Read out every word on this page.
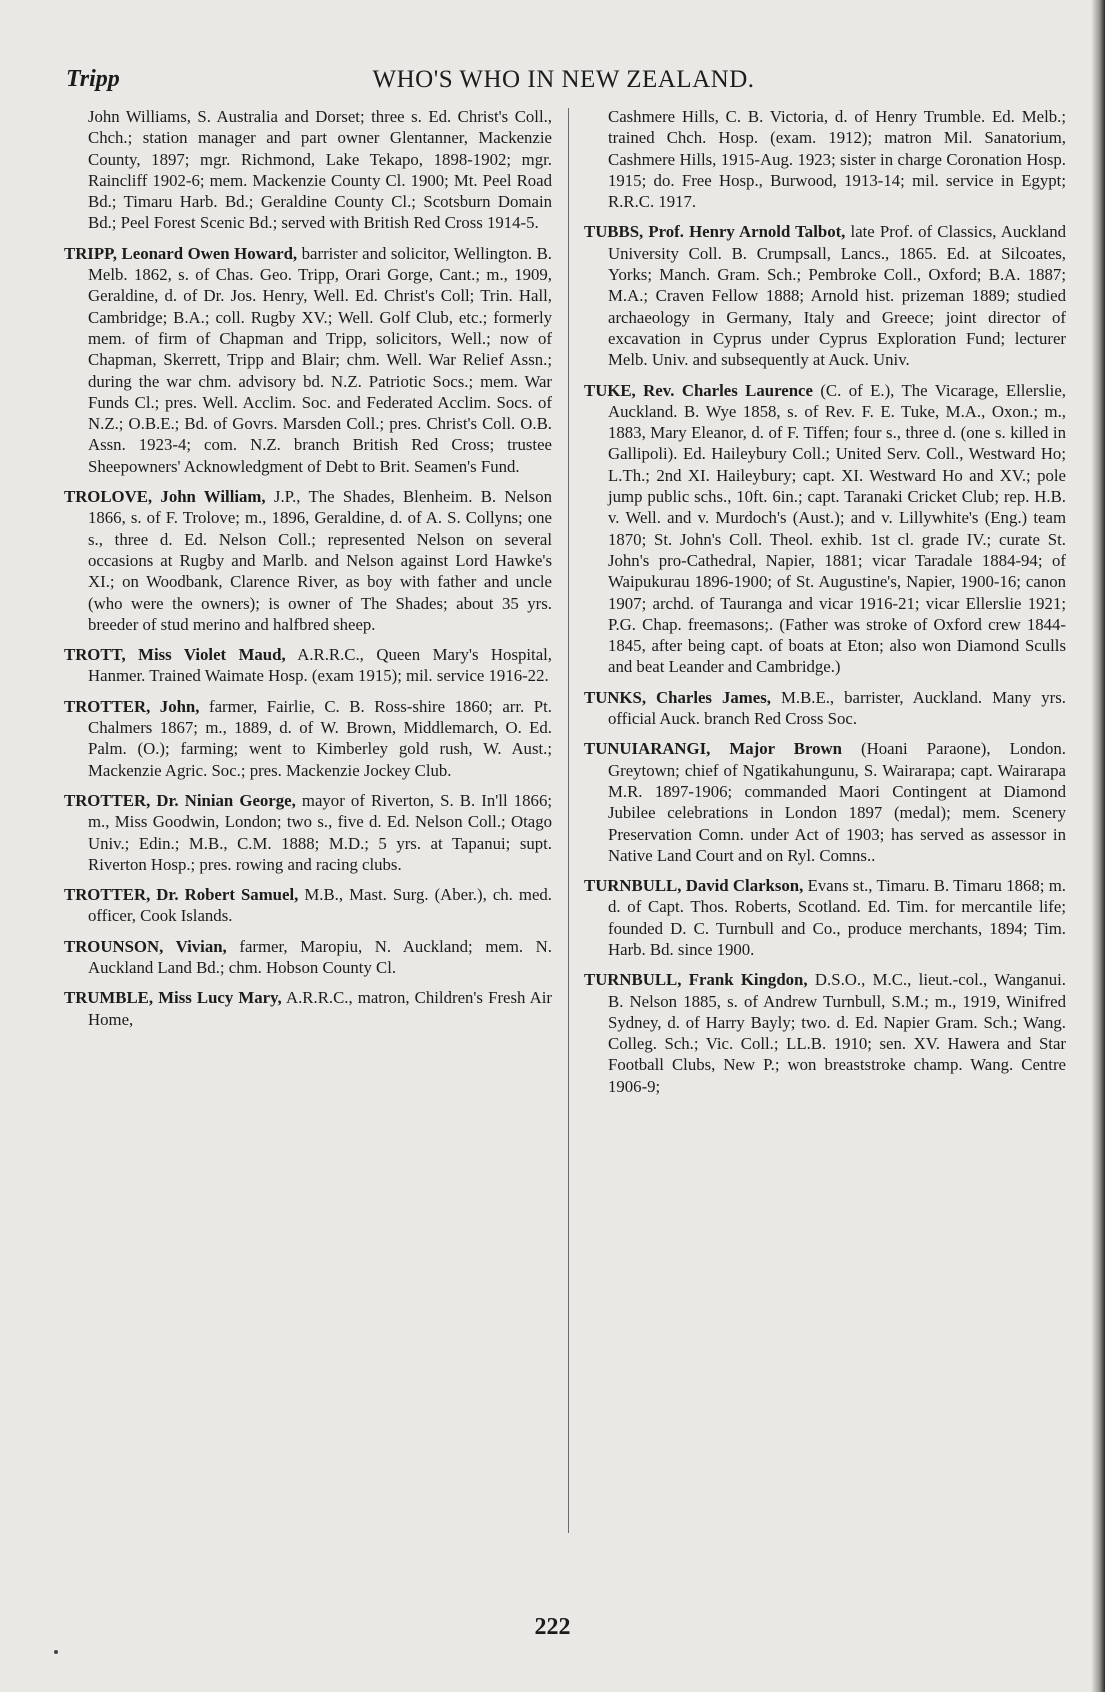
Tripp	WHO'S WHO IN NEW ZEALAND.

John Williams, S. Australia and Dorset; three s. Ed. Christ's Coll., Chch.; station manager and part owner Glentanner, Mackenzie County, 1897; mgr. Richmond, Lake Tekapo, 1898-1902; mgr. Raincliff 1902-6; mem. Mackenzie County Cl. 1900; Mt. Peel Road Bd.; Timaru Harb. Bd.; Geraldine County Cl.; Scotsburn Domain Bd.; Peel Forest Scenic Bd.; served with British Red Cross 1914-5.

TRIPP, Leonard Owen Howard, barrister and solicitor, Wellington. B. Melb. 1862, s. of Chas. Geo. Tripp, Orari Gorge, Cant.; m., 1909, Geraldine, d. of Dr. Jos. Henry, Well. Ed. Christ's Coll; Trin. Hall, Cambridge; B.A.; coll. Rugby XV.; Well. Golf Club, etc.; formerly mem. of firm of Chapman and Tripp, solicitors, Well.; now of Chapman, Skerrett, Tripp and Blair; chm. Well. War Relief Assn.; during the war chm. advisory bd. N.Z. Patriotic Socs.; mem. War Funds Cl.; pres. Well. Acclim. Soc. and Federated Acclim. Socs. of N.Z.; O.B.E.; Bd. of Govrs. Marsden Coll.; pres. Christ's Coll. O.B. Assn. 1923-4; com. N.Z. branch British Red Cross; trustee Sheepowners' Acknowledgment of Debt to Brit. Seamen's Fund.

TROLOVE, John William, J.P., The Shades, Blenheim. B. Nelson 1866, s. of F. Trolove; m., 1896, Geraldine, d. of A. S. Collyns; one s., three d. Ed. Nelson Coll.; represented Nelson on several occasions at Rugby and Marlb. and Nelson against Lord Hawke's XI.; on Woodbank, Clarence River, as boy with father and uncle (who were the owners); is owner of The Shades; about 35 yrs. breeder of stud merino and halfbred sheep.

TROTT, Miss Violet Maud, A.R.R.C., Queen Mary's Hospital, Hanmer. Trained Waimate Hosp. (exam 1915); mil. service 1916-22.

TROTTER, John, farmer, Fairlie, C. B. Ross-shire 1860; arr. Pt. Chalmers 1867; m., 1889, d. of W. Brown, Middlemarch, O. Ed. Palm. (O.); farming; went to Kimberley gold rush, W. Aust.; Mackenzie Agric. Soc.; pres. Mackenzie Jockey Club.

TROTTER, Dr. Ninian George, mayor of Riverton, S. B. In'll 1866; m., Miss Goodwin, London; two s., five d. Ed. Nelson Coll.; Otago Univ.; Edin.; M.B., C.M. 1888; M.D.; 5 yrs. at Tapanui; supt. Riverton Hosp.; pres. rowing and racing clubs.

TROTTER, Dr. Robert Samuel, M.B., Mast. Surg. (Aber.), ch. med. officer, Cook Islands.

TROUNSON, Vivian, farmer, Maropiu, N. Auckland; mem. N. Auckland Land Bd.; chm. Hobson County Cl.

TRUMBLE, Miss Lucy Mary, A.R.R.C., matron, Children's Fresh Air Home,

Cashmere Hills, C. B. Victoria, d. of Henry Trumble. Ed. Melb.; trained Chch. Hosp. (exam. 1912); matron Mil. Sanatorium, Cashmere Hills, 1915-Aug. 1923; sister in charge Coronation Hosp. 1915; do. Free Hosp., Burwood, 1913-14; mil. service in Egypt; R.R.C. 1917.

TUBBS, Prof. Henry Arnold Talbot, late Prof. of Classics, Auckland University Coll. B. Crumpsall, Lancs., 1865. Ed. at Silcoates, Yorks; Manch. Gram. Sch.; Pembroke Coll., Oxford; B.A. 1887; M.A.; Craven Fellow 1888; Arnold hist. prizeman 1889; studied archaeology in Germany, Italy and Greece; joint director of excavation in Cyprus under Cyprus Exploration Fund; lecturer Melb. Univ. and subsequently at Auck. Univ.

TUKE, Rev. Charles Laurence (C. of E.), The Vicarage, Ellerslie, Auckland. B. Wye 1858, s. of Rev. F. E. Tuke, M.A., Oxon.; m., 1883, Mary Eleanor, d. of F. Tiffen; four s., three d. (one s. killed in Gallipoli). Ed. Haileybury Coll.; United Serv. Coll., Westward Ho; L.Th.; 2nd XI. Haileybury; capt. XI. Westward Ho and XV.; pole jump public schs., 10ft. 6in.; capt. Taranaki Cricket Club; rep. H.B. v. Well. and v. Murdoch's (Aust.); and v. Lillywhite's (Eng.) team 1870; St. John's Coll. Theol. exhib. 1st cl. grade IV.; curate St. John's pro-Cathedral, Napier, 1881; vicar Taradale 1884-94; of Waipukurau 1896-1900; of St. Augustine's, Napier, 1900-16; canon 1907; archd. of Tauranga and vicar 1916-21; vicar Ellerslie 1921; P.G. Chap. freemasons;. (Father was stroke of Oxford crew 1844-1845, after being capt. of boats at Eton; also won Diamond Sculls and beat Leander and Cambridge.)

TUNKS, Charles James, M.B.E., barrister, Auckland. Many yrs. official Auck. branch Red Cross Soc.

TUNUIARANGI, Major Brown (Hoani Paraone), London. Greytown; chief of Ngatikahungunu, S. Wairarapa; capt. Wairarapa M.R. 1897-1906; commanded Maori Contingent at Diamond Jubilee celebrations in London 1897 (medal); mem. Scenery Preservation Comn. under Act of 1903; has served as assessor in Native Land Court and on Ryl. Comns..

TURNBULL, David Clarkson, Evans st., Timaru. B. Timaru 1868; m. d. of Capt. Thos. Roberts, Scotland. Ed. Tim. for mercantile life; founded D. C. Turnbull and Co., produce merchants, 1894; Tim. Harb. Bd. since 1900.

TURNBULL, Frank Kingdon, D.S.O., M.C., lieut.-col., Wanganui. B. Nelson 1885, s. of Andrew Turnbull, S.M.; m., 1919, Winifred Sydney, d. of Harry Bayly; two. d. Ed. Napier Gram. Sch.; Wang. Colleg. Sch.; Vic. Coll.; LL.B. 1910; sen. XV. Hawera and Star Football Clubs, New P.; won breaststroke champ. Wang. Centre 1906-9;

222
